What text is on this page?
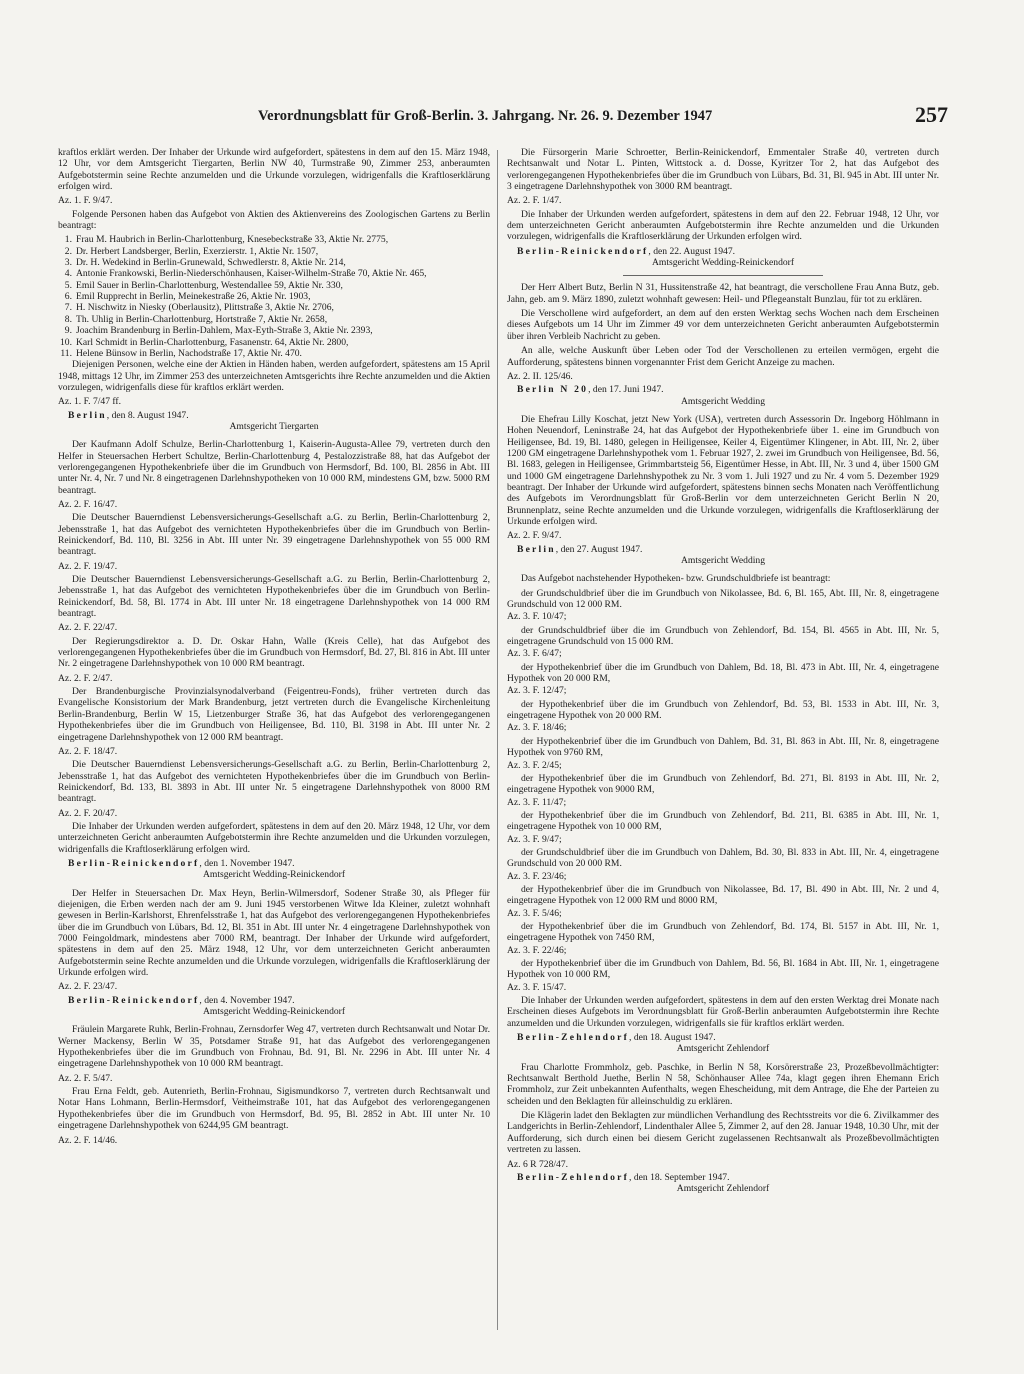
Verordnungsblatt für Groß-Berlin. 3. Jahrgang. Nr. 26. 9. Dezember 1947	257

kraftlos erklärt werden. Der Inhaber der Urkunde wird aufgefordert, spätestens in dem auf den 15. März 1948, 12 Uhr, vor dem Amtsgericht Tiergarten, Berlin NW 40, Turmstraße 90, Zimmer 253, anberaumten Aufgebotstermin seine Rechte anzumelden und die Urkunde vorzulegen, widrigenfalls die Kraftloserklärung erfolgen wird.

Az. 1. F. 9/47.

Folgende Personen haben das Aufgebot von Aktien des Aktienvereins des Zoologischen Gartens zu Berlin beantragt:

1. Frau M. Haubrich in Berlin-Charlottenburg, Knesebeckstraße 33, Aktie Nr. 2775,
2. Dr. Herbert Landsberger, Berlin, Exerzierstr. 1, Aktie Nr. 1507,
3. Dr. H. Wedekind in Berlin-Grunewald, Schwedlerstr. 8, Aktie Nr. 214,
4. Antonie Frankowski, Berlin-Niederschönhausen, Kaiser-Wilhelm-Straße 70, Aktie Nr. 465,
5. Emil Sauer in Berlin-Charlottenburg, Westendallee 59, Aktie Nr. 330,
6. Emil Rupprecht in Berlin, Meinekestraße 26, Aktie Nr. 1903,
7. H. Nischwitz in Niesky (Oberlausitz), Plittstraße 3, Aktie Nr. 2706,
8. Th. Uhlig in Berlin-Charlottenburg, Hortstraße 7, Aktie Nr. 2658,
9. Joachim Brandenburg in Berlin-Dahlem, Max-Eyth-Straße 3, Aktie Nr. 2393,
10. Karl Schmidt in Berlin-Charlottenburg, Fasanenstr. 64, Aktie Nr. 2800,
11. Helene Bünsow in Berlin, Nachodstraße 17, Aktie Nr. 470.

Diejenigen Personen, welche eine der Aktien in Händen haben, werden aufgefordert, spätestens am 15 April 1948, mittags 12 Uhr, im Zimmer 253 des unterzeichneten Amtsgerichts ihre Rechte anzumelden und die Aktien vorzulegen, widrigenfalls diese für kraftlos erklärt werden.

Az. 1. F. 7/47 ff.

Berlin, den 8. August 1947.

Amtsgericht Tiergarten

Der Kaufmann Adolf Schulze, Berlin-Charlottenburg 1, Kaiserin-Augusta-Allee 79, vertreten durch den Helfer in Steuersachen Herbert Schultze, Berlin-Charlottenburg 4, Pestalozzistraße 88, hat das Aufgebot der verlorengegangenen Hypothekenbriefe über die im Grundbuch von Hermsdorf, Bd. 100, Bl. 2856 in Abt. III unter Nr. 4, Nr. 7 und Nr. 8 eingetragenen Darlehnshypotheken von 10 000 RM, mindestens GM, bzw. 5000 RM beantragt.

Az. 2. F. 16/47.

Die Deutscher Bauerndienst Lebensversicherungs-Gesellschaft a.G. zu Berlin, Berlin-Charlottenburg 2, Jebensstraße 1, hat das Aufgebot des vernichteten Hypothekenbriefes über die im Grundbuch von Berlin-Reinickendorf, Bd. 110, Bl. 3256 in Abt. III unter Nr. 39 eingetragene Darlehnshypothek von 55 000 RM beantragt.

Az. 2. F. 19/47.

Die Deutscher Bauerndienst Lebensversicherungs-Gesellschaft a.G. zu Berlin, Berlin-Charlottenburg 2, Jebensstraße 1, hat das Aufgebot des vernichteten Hypothekenbriefes über die im Grundbuch von Berlin-Reinickendorf, Bd. 58, Bl. 1774 in Abt. III unter Nr. 18 eingetragene Darlehnshypothek von 14 000 RM beantragt.

Az. 2. F. 22/47.

Der Regierungsdirektor a. D. Dr. Oskar Hahn, Walle (Kreis Celle), hat das Aufgebot des verlorengegangenen Hypothekenbriefes über die im Grundbuch von Hermsdorf, Bd. 27, Bl. 816 in Abt. III unter Nr. 2 eingetragene Darlehnshypothek von 10 000 RM beantragt.

Az. 2. F. 2/47.

Der Brandenburgische Provinzialsynodalverband (Feigentreu-Fonds), früher vertreten durch das Evangelische Konsistorium der Mark Brandenburg, jetzt vertreten durch die Evangelische Kirchenleitung Berlin-Brandenburg, Berlin W 15, Lietzenburger Straße 36, hat das Aufgebot des verlorengegangenen Hypothekenbriefes über die im Grundbuch von Heiligensee, Bd. 110, Bl. 3198 in Abt. III unter Nr. 2 eingetragene Darlehnshypothek von 12 000 RM beantragt.

Az. 2. F. 18/47.

Die Deutscher Bauerndienst Lebensversicherungs-Gesellschaft a.G. zu Berlin, Berlin-Charlottenburg 2, Jebensstraße 1, hat das Aufgebot des vernichteten Hypothekenbriefes über die im Grundbuch von Berlin-Reinickendorf, Bd. 133, Bl. 3893 in Abt. III unter Nr. 5 eingetragene Darlehnshypothek von 8000 RM beantragt.

Az. 2. F. 20/47.

Die Inhaber der Urkunden werden aufgefordert, spätestens in dem auf den 20. März 1948, 12 Uhr, vor dem unterzeichneten Gericht anberaumten Aufgebotstermin ihre Rechte anzumelden und die Urkunden vorzulegen, widrigenfalls die Kraftloserklärung erfolgen wird.

Berlin-Reinickendorf, den 1. November 1947.

Amtsgericht Wedding-Reinickendorf

Der Helfer in Steuersachen Dr. Max Heyn, Berlin-Wilmersdorf, Sodener Straße 30, als Pfleger für diejenigen, die Erben werden nach der am 9. Juni 1945 verstorbenen Witwe Ida Kleiner, zuletzt wohnhaft gewesen in Berlin-Karlshorst, Ehrenfelsstraße 1, hat das Aufgebot des verlorengegangenen Hypothekenbriefes über die im Grundbuch von Lübars, Bd. 12, Bl. 351 in Abt. III unter Nr. 4 eingetragene Darlehnshypothek von 7000 Feingoldmark, mindestens aber 7000 RM, beantragt. Der Inhaber der Urkunde wird aufgefordert, spätestens in dem auf den 25. März 1948, 12 Uhr, vor dem unterzeichneten Gericht anberaumten Aufgebotstermin seine Rechte anzumelden und die Urkunde vorzulegen, widrigenfalls die Kraftloserklärung der Urkunde erfolgen wird.

Az. 2. F. 23/47.

Berlin-Reinickendorf, den 4. November 1947.

Amtsgericht Wedding-Reinickendorf

Fräulein Margarete Ruhk, Berlin-Frohnau, Zernsdorfer Weg 47, vertreten durch Rechtsanwalt und Notar Dr. Werner Mackensy, Berlin W 35, Potsdamer Straße 91, hat das Aufgebot des verlorengegangenen Hypothekenbriefes über die im Grundbuch von Frohnau, Bd. 91, Bl. Nr. 2296 in Abt. III unter Nr. 4 eingetragene Darlehnshypothek von 10 000 RM beantragt.

Az. 2. F. 5/47.

Frau Erna Feldt, geb. Autenrieth, Berlin-Frohnau, Sigismundkorso 7, vertreten durch Rechtsanwalt und Notar Hans Lohmann, Berlin-Hermsdorf, Veitheimstraße 101, hat das Aufgebot des verlorengegangenen Hypothekenbriefes über die im Grundbuch von Hermsdorf, Bd. 95, Bl. 2852 in Abt. III unter Nr. 10 eingetragene Darlehnshypothek von 6244,95 GM beantragt.

Az. 2. F. 14/46.

Die Fürsorgerin Marie Schroetter, Berlin-Reinickendorf, Emmentaler Straße 40, vertreten durch Rechtsanwalt und Notar L. Pinten, Wittstock a. d. Dosse, Kyritzer Tor 2, hat das Aufgebot des verlorengegangenen Hypothekenbriefes über die im Grundbuch von Lübars, Bd. 31, Bl. 945 in Abt. III unter Nr. 3 eingetragene Darlehnshypothek von 3000 RM beantragt.

Az. 2. F. 1/47.

Die Inhaber der Urkunden werden aufgefordert, spätestens in dem auf den 22. Februar 1948, 12 Uhr, vor dem unterzeichneten Gericht anberaumten Aufgebotstermin ihre Rechte anzumelden und die Urkunden vorzulegen, widrigenfalls die Kraftloserklärung der Urkunden erfolgen wird.

Berlin-Reinickendorf, den 22. August 1947.

Amtsgericht Wedding-Reinickendorf

Der Herr Albert Butz, Berlin N 31, Hussitenstraße 42, hat beantragt, die verschollene Frau Anna Butz, geb. Jahn, geb. am 9. März 1890, zuletzt wohnhaft gewesen: Heil- und Pflegeanstalt Bunzlau, für tot zu erklären.

Die Verschollene wird aufgefordert, an dem auf den ersten Werktag sechs Wochen nach dem Erscheinen dieses Aufgebots um 14 Uhr im Zimmer 49 vor dem unterzeichneten Gericht anberaumten Aufgebotstermin über ihren Verbleib Nachricht zu geben.

An alle, welche Auskunft über Leben oder Tod der Verschollenen zu erteilen vermögen, ergeht die Aufforderung, spätestens binnen vorgenannter Frist dem Gericht Anzeige zu machen.

Az. 2. II. 125/46.

Berlin N 20, den 17. Juni 1947.

Amtsgericht Wedding

Die Ehefrau Lilly Koschat, jetzt New York (USA), vertreten durch Assessorin Dr. Ingeborg Höhlmann in Hohen Neuendorf, Leninstraße 24, hat das Aufgebot der Hypothekenbriefe über 1. eine im Grundbuch von Heiligensee, Bd. 19, Bl. 1480, gelegen in Heiligensee, Keiler 4, Eigentümer Klingener, in Abt. III, Nr. 2, über 1200 GM eingetragene Darlehnshypothek vom 1. Februar 1927, 2. zwei im Grundbuch von Heiligensee, Bd. 56, Bl. 1683, gelegen in Heiligensee, Grimmbartsteig 56, Eigentümer Hesse, in Abt. III, Nr. 3 und 4, über 1500 GM und 1000 GM eingetragene Darlehnshypothek zu Nr. 3 vom 1. Juli 1927 und zu Nr. 4 vom 5. Dezember 1929 beantragt. Der Inhaber der Urkunde wird aufgefordert, spätestens binnen sechs Monaten nach Veröffentlichung des Aufgebots im Verordnungsblatt für Groß-Berlin vor dem unterzeichneten Gericht Berlin N 20, Brunnenplatz, seine Rechte anzumelden und die Urkunde vorzulegen, widrigenfalls die Kraftloserklärung der Urkunde erfolgen wird.

Az. 2. F. 9/47.

Berlin, den 27. August 1947.

Amtsgericht Wedding

Das Aufgebot nachstehender Hypotheken- bzw. Grundschuldbriefe ist beantragt:

der Grundschuldbrief über die im Grundbuch von Nikolassee, Bd. 6, Bl. 165, Abt. III, Nr. 8, eingetragene Grundschuld von 12 000 RM.

Az. 3. F. 10/47;

der Grundschuldbrief über die im Grundbuch von Zehlendorf, Bd. 154, Bl. 4565 in Abt. III, Nr. 5, eingetragene Grundschuld von 15 000 RM.

Az. 3. F. 6/47;

der Hypothekenbrief über die im Grundbuch von Dahlem, Bd. 18, Bl. 473 in Abt. III, Nr. 4, eingetragene Hypothek von 20 000 RM,

Az. 3. F. 12/47;

der Hypothekenbrief über die im Grundbuch von Zehlendorf, Bd. 53, Bl. 1533 in Abt. III, Nr. 3, eingetragene Hypothek von 20 000 RM.

Az. 3. F. 18/46;

der Hypothekenbrief über die im Grundbuch von Dahlem, Bd. 31, Bl. 863 in Abt. III, Nr. 8, eingetragene Hypothek von 9760 RM,

Az. 3. F. 2/45;

der Hypothekenbrief über die im Grundbuch von Zehlendorf, Bd. 271, Bl. 8193 in Abt. III, Nr. 2, eingetragene Hypothek von 9000 RM,

Az. 3. F. 11/47;

der Hypothekenbrief über die im Grundbuch von Zehlendorf, Bd. 211, Bl. 6385 in Abt. III, Nr. 1, eingetragene Hypothek von 10 000 RM,

Az. 3. F. 9/47;

der Grundschuldbrief über die im Grundbuch von Dahlem, Bd. 30, Bl. 833 in Abt. III, Nr. 4, eingetragene Grundschuld von 20 000 RM.

Az. 3. F. 23/46;

der Hypothekenbrief über die im Grundbuch von Nikolassee, Bd. 17, Bl. 490 in Abt. III, Nr. 2 und 4, eingetragene Hypothek von 12 000 RM und 8000 RM,

Az. 3. F. 5/46;

der Hypothekenbrief über die im Grundbuch von Zehlendorf, Bd. 174, Bl. 5157 in Abt. III, Nr. 1, eingetragene Hypothek von 7450 RM,

Az. 3. F. 22/46;

der Hypothekenbrief über die im Grundbuch von Dahlem, Bd. 56, Bl. 1684 in Abt. III, Nr. 1, eingetragene Hypothek von 10 000 RM,

Az. 3. F. 15/47.

Die Inhaber der Urkunden werden aufgefordert, spätestens in dem auf den ersten Werktag drei Monate nach Erscheinen dieses Aufgebots im Verordnungsblatt für Groß-Berlin anberaumten Aufgebotstermin ihre Rechte anzumelden und die Urkunden vorzulegen, widrigenfalls sie für kraftlos erklärt werden.

Berlin-Zehlendorf, den 18. August 1947.

Amtsgericht Zehlendorf

Frau Charlotte Frommholz, geb. Paschke, in Berlin N 58, Korsörerstraße 23, Prozeßbevollmächtigter: Rechtsanwalt Berthold Juethe, Berlin N 58, Schönhauser Allee 74a, klagt gegen ihren Ehemann Erich Frommholz, zur Zeit unbekannten Aufenthalts, wegen Ehescheidung, mit dem Antrage, die Ehe der Parteien zu scheiden und den Beklagten für alleinschuldig zu erklären.

Die Klägerin ladet den Beklagten zur mündlichen Verhandlung des Rechtsstreits vor die 6. Zivilkammer des Landgerichts in Berlin-Zehlendorf, Lindenthaler Allee 5, Zimmer 2, auf den 28. Januar 1948, 10.30 Uhr, mit der Aufforderung, sich durch einen bei diesem Gericht zugelassenen Rechtsanwalt als Prozeßbevollmächtigten vertreten zu lassen.

Az. 6 R 728/47.

Berlin-Zehlendorf, den 18. September 1947.

Amtsgericht Zehlendorf
